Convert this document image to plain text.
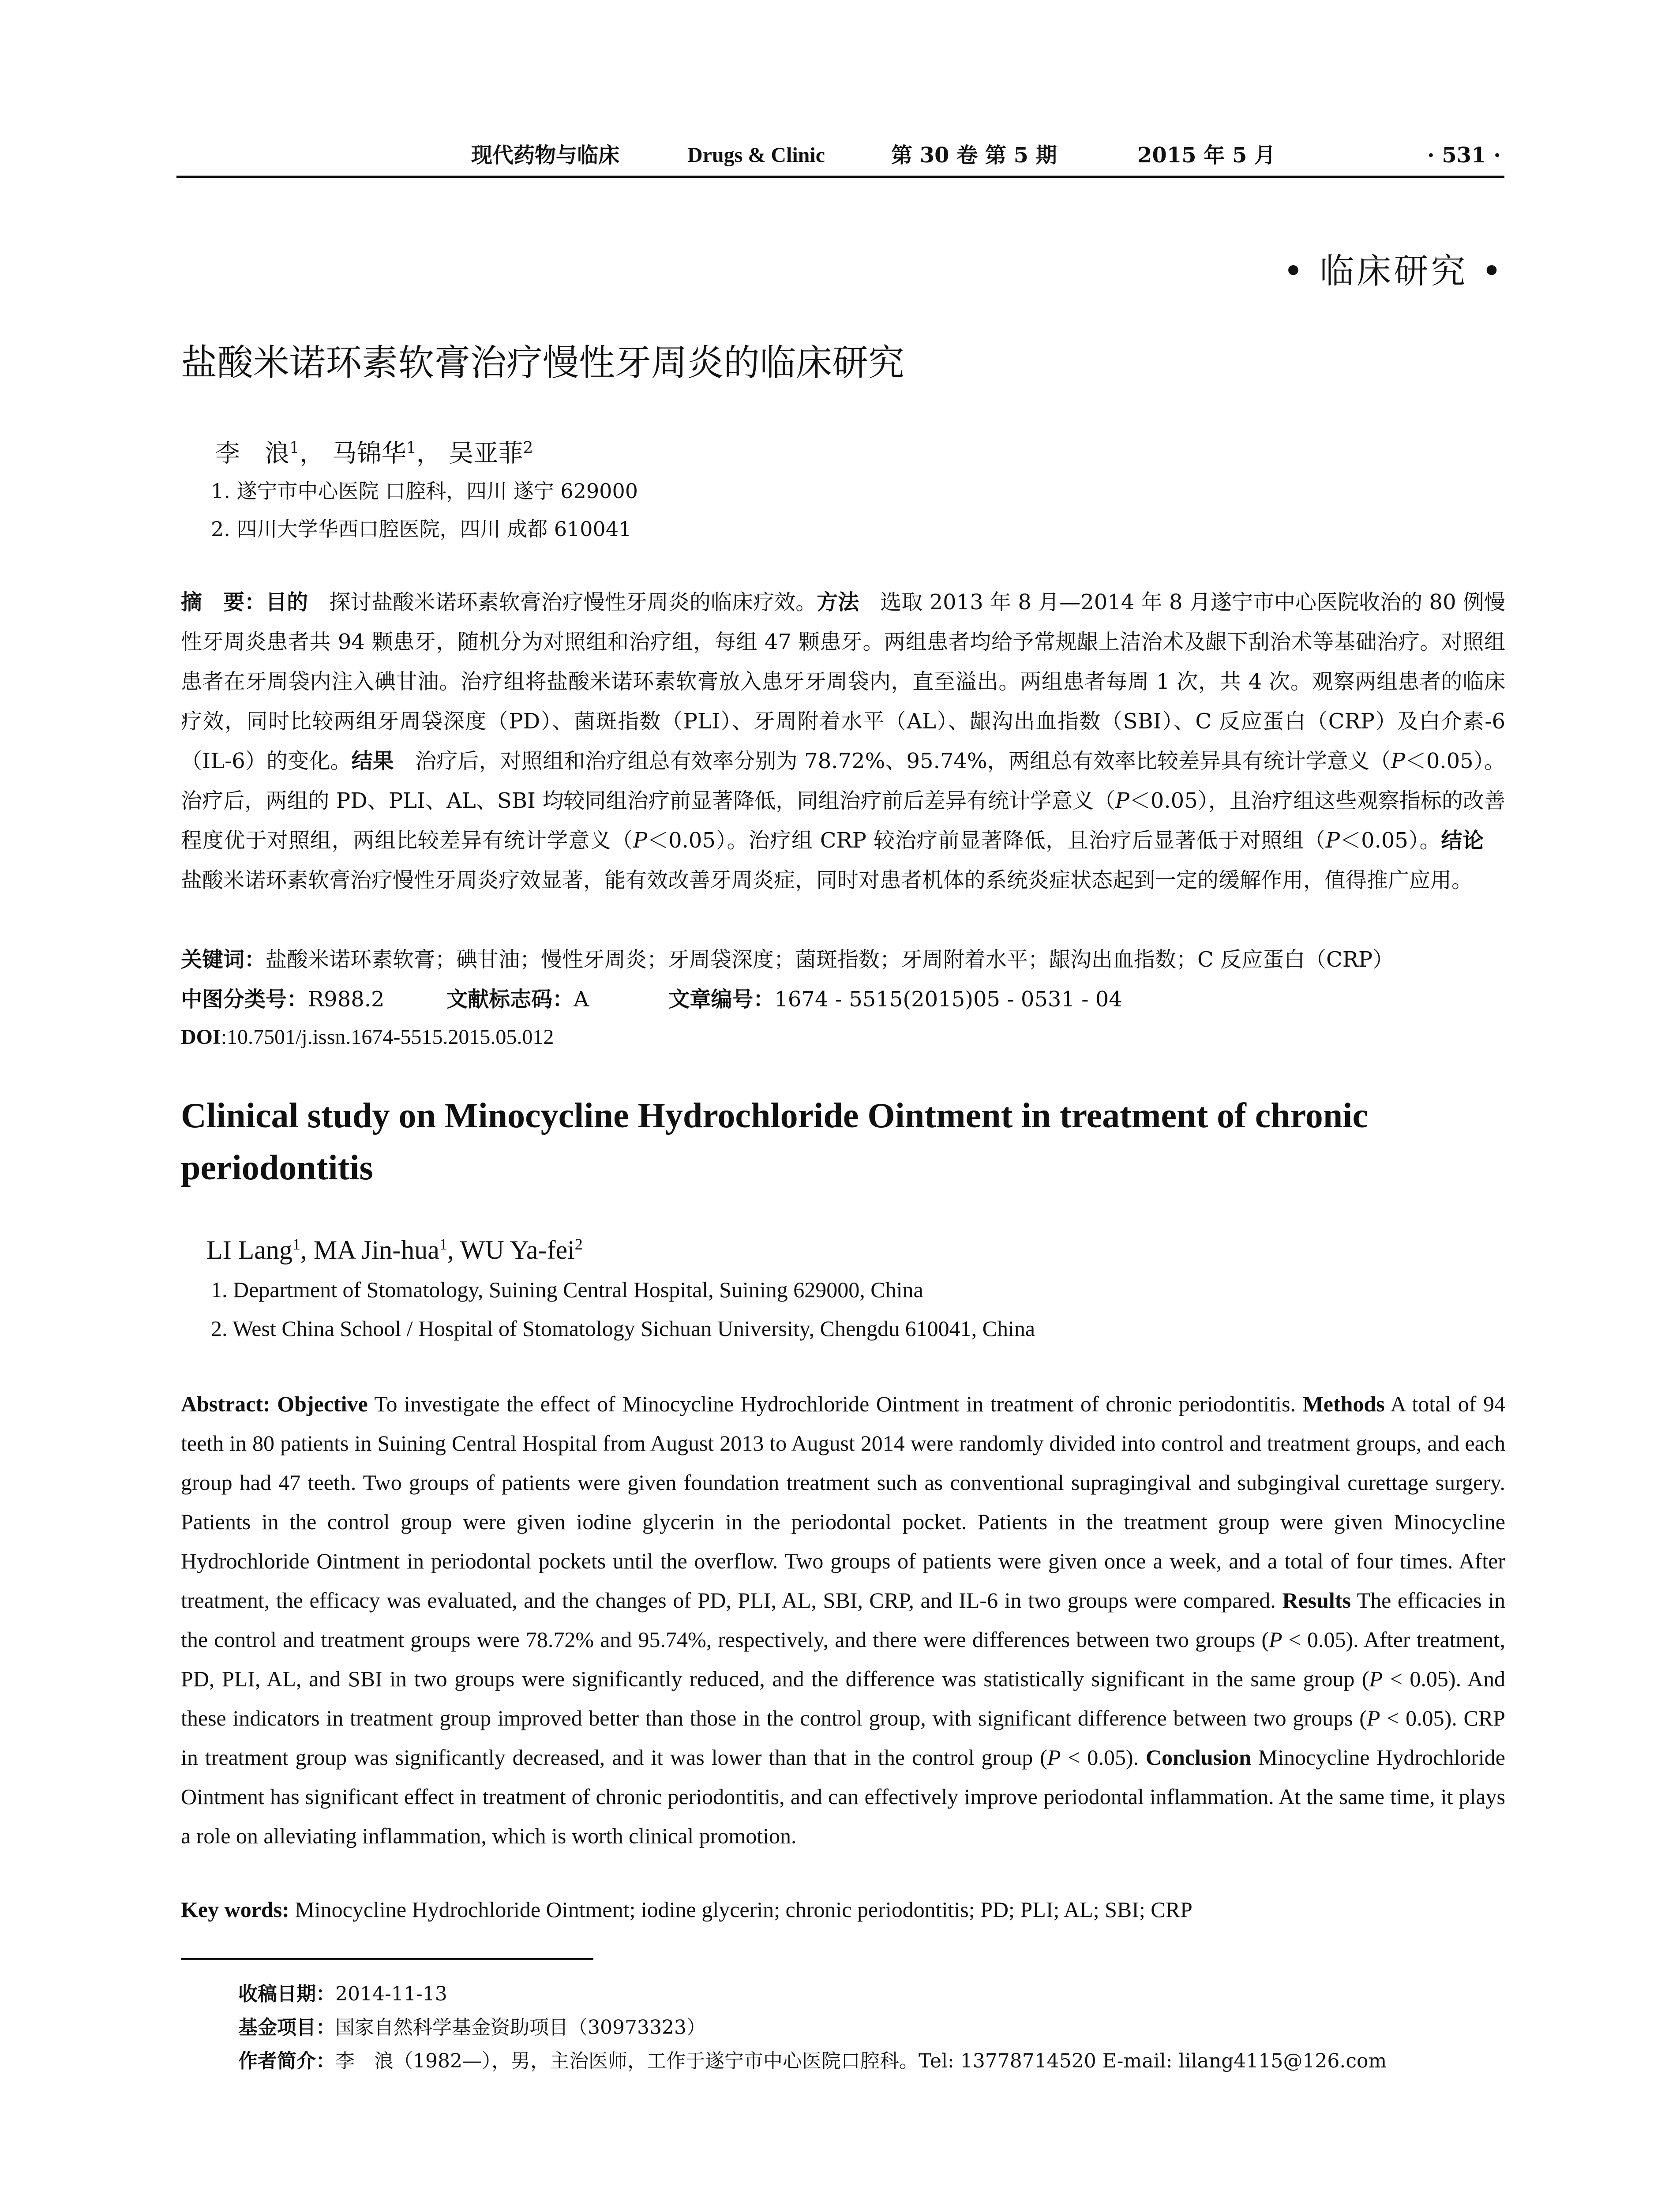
现代药物与临床	Drugs & Clinic	第 30 卷 第 5 期	2015 年 5 月	· 531 ·
• 临床研究 •
盐酸米诺环素软膏治疗慢性牙周炎的临床研究
李　浪$^1$， 马锦华$^1$， 吴亚菲$^2$
1. 遂宁市中心医院 口腔科，四川 遂宁 629000
2. 四川大学华西口腔医院，四川 成都 610041
摘　要：目的　探讨盐酸米诺环素软膏治疗慢性牙周炎的临床疗效。方法　选取 2013 年 8 月—2014 年 8 月遂宁市中心医院收治的 80 例慢性牙周炎患者共 94 颗患牙，随机分为对照组和治疗组，每组 47 颗患牙。两组患者均给予常规龈上洁治术及龈下刮治术等基础治疗。对照组患者在牙周袋内注入碘甘油。治疗组将盐酸米诺环素软膏放入患牙牙周袋内，直至溢出。两组患者每周 1 次，共 4 次。观察两组患者的临床疗效，同时比较两组牙周袋深度（PD）、菌斑指数（PLI）、牙周附着水平（AL）、龈沟出血指数（SBI）、C 反应蛋白（CRP）及白介素-6（IL-6）的变化。结果　治疗后，对照组和治疗组总有效率分别为 78.72%、95.74%，两组总有效率比较差异具有统计学意义（P＜0.05）。治疗后，两组的 PD、PLI、AL、SBI 均较同组治疗前显著降低，同组治疗前后差异有统计学意义（P＜0.05），且治疗组这些观察指标的改善程度优于对照组，两组比较差异有统计学意义（P＜0.05）。治疗组 CRP 较治疗前显著降低，且治疗后显著低于对照组（P＜0.05）。结论　盐酸米诺环素软膏治疗慢性牙周炎疗效显著，能有效改善牙周炎症，同时对患者机体的系统炎症状态起到一定的缓解作用，值得推广应用。
关键词：盐酸米诺环素软膏；碘甘油；慢性牙周炎；牙周袋深度；菌斑指数；牙周附着水平；龈沟出血指数；C 反应蛋白（CRP）
中图分类号：R988.2	文献标志码：A	文章编号：1674 - 5515(2015)05 - 0531 - 04
DOI:10.7501/j.issn.1674-5515.2015.05.012
Clinical study on Minocycline Hydrochloride Ointment in treatment of chronic periodontitis
LI Lang$^1$, MA Jin-hua$^1$, WU Ya-fei$^2$
1. Department of Stomatology, Suining Central Hospital, Suining 629000, China
2. West China School / Hospital of Stomatology Sichuan University, Chengdu 610041, China
Abstract: Objective To investigate the effect of Minocycline Hydrochloride Ointment in treatment of chronic periodontitis. Methods A total of 94 teeth in 80 patients in Suining Central Hospital from August 2013 to August 2014 were randomly divided into control and treatment groups, and each group had 47 teeth. Two groups of patients were given foundation treatment such as conventional supragingival and subgingival curettage surgery. Patients in the control group were given iodine glycerin in the periodontal pocket. Patients in the treatment group were given Minocycline Hydrochloride Ointment in periodontal pockets until the overflow. Two groups of patients were given once a week, and a total of four times. After treatment, the efficacy was evaluated, and the changes of PD, PLI, AL, SBI, CRP, and IL-6 in two groups were compared. Results The efficacies in the control and treatment groups were 78.72% and 95.74%, respectively, and there were differences between two groups (P < 0.05). After treatment, PD, PLI, AL, and SBI in two groups were significantly reduced, and the difference was statistically significant in the same group (P < 0.05). And these indicators in treatment group improved better than those in the control group, with significant difference between two groups (P < 0.05). CRP in treatment group was significantly decreased, and it was lower than that in the control group (P < 0.05). Conclusion Minocycline Hydrochloride Ointment has significant effect in treatment of chronic periodontitis, and can effectively improve periodontal inflammation. At the same time, it plays a role on alleviating inflammation, which is worth clinical promotion.
Key words: Minocycline Hydrochloride Ointment; iodine glycerin; chronic periodontitis; PD; PLI; AL; SBI; CRP
收稿日期：2014-11-13
基金项目：国家自然科学基金资助项目（30973323）
作者简介：李　浪（1982—），男，主治医师，工作于遂宁市中心医院口腔科。Tel: 13778714520 E-mail: lilang4115@126.com
